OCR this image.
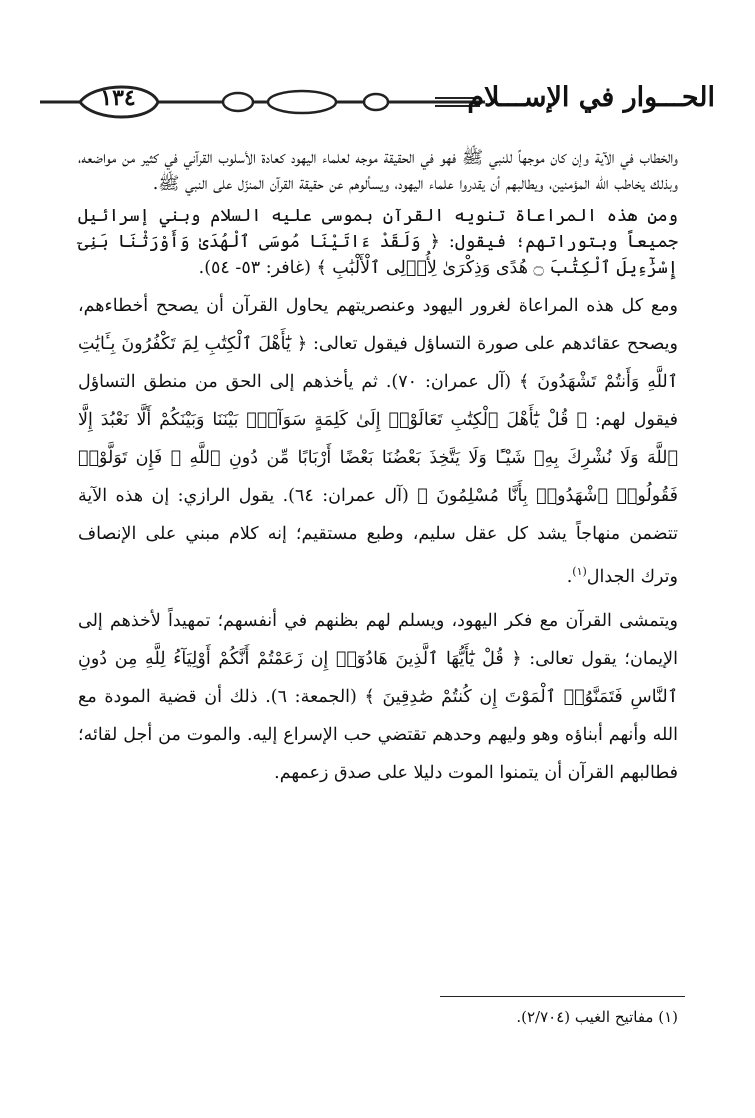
١٣٤	الحـــوار في الإســـلام

والخطاب في الآية وإن كان موجهاً للنبي ﷺ فهو في الحقيقة موجه لعلماء اليهود كعادة الأسلوب القرآني في كثير من مواضعه، وبذلك يخاطب الله المؤمنين، ويطالبهم أن يقدروا علماء اليهود، ويسألوهم عن حقيقة القرآن المنزّل على النبي ﷺ.

ومن هذه المراعاة تنويه القرآن بموسى عليه السلام وبني إسرائيل جميعاً وبتوراتهم؛ فيقول: ﴿ وَلَقَدْ ءَاتَيْنَا مُوسَى ٱلْهُدَىٰ وَأَوْرَثْنَا بَنِىٓ إِسْرَٰٓءِيلَ ٱلْكِتَٰبَ ۝ هُدًى وَذِكْرَىٰ لِأُو۟لِى ٱلْأَلْبَٰبِ ﴾ (غافر: ٥٣- ٥٤).

ومع كل هذه المراعاة لغرور اليهود وعنصريتهم يحاول القرآن أن يصحح أخطاءهم، ويصحح عقائدهم على صورة التساؤل فيقول تعالى: ﴿ يَٰٓأَهْلَ ٱلْكِتَٰبِ لِمَ تَكْفُرُونَ بِـَٔايَٰتِ ٱللَّهِ وَأَنتُمْ تَشْهَدُونَ ﴾ (آل عمران: ٧٠). ثم يأخذهم إلى الحق من منطق التساؤل فيقول لهم: ﴿ قُلْ يَٰٓأَهْلَ ٱلْكِتَٰبِ تَعَالَوْا۟ إِلَىٰ كَلِمَةٍ سَوَآءٍۭ بَيْنَنَا وَبَيْنَكُمْ أَلَّا نَعْبُدَ إِلَّا ٱللَّهَ وَلَا نُشْرِكَ بِهِۦ شَيْـًٔا وَلَا يَتَّخِذَ بَعْضُنَا بَعْضًا أَرْبَابًا مِّن دُونِ ٱللَّهِ ۚ فَإِن تَوَلَّوْا۟ فَقُولُوا۟ ٱشْهَدُوا۟ بِأَنَّا مُسْلِمُونَ ﴾ (آل عمران: ٦٤). يقول الرازي: إن هذه الآية تتضمن منهاجاً يشد كل عقل سليم، وطبع مستقيم؛ إنه كلام مبني على الإنصاف وترك الجدال$^{(١)}$.

ويتمشى القرآن مع فكر اليهود، ويسلم لهم بظنهم في أنفسهم؛ تمهيداً لأخذهم إلى الإيمان؛ يقول تعالى: ﴿ قُلْ يَٰٓأَيُّهَا ٱلَّذِينَ هَادُوٓا۟ إِن زَعَمْتُمْ أَنَّكُمْ أَوْلِيَآءُ لِلَّهِ مِن دُونِ ٱلنَّاسِ فَتَمَنَّوُا۟ ٱلْمَوْتَ إِن كُنتُمْ صَٰدِقِينَ ﴾ (الجمعة: ٦). ذلك أن قضية المودة مع الله وأنهم أبناؤه وهو وليهم وحدهم تقتضي حب الإسراع إليه. والموت من أجل لقائه؛ فطالبهم القرآن أن يتمنوا الموت دليلا على صدق زعمهم.

(١) مفاتيح الغيب (٢/٧٠٤).
